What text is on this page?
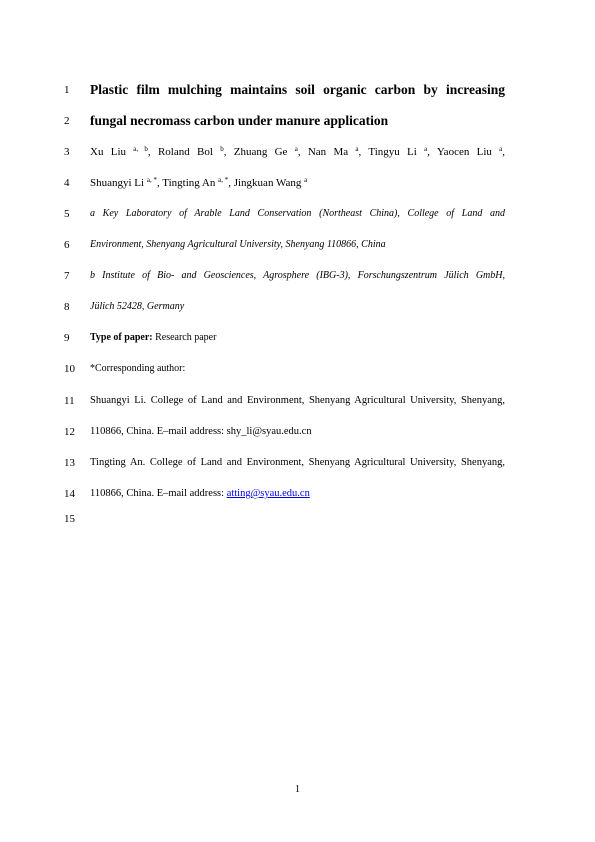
1
2
3
4
5
6
7
8
9
10
11
12
13
14
15
Plastic film mulching maintains soil organic carbon by increasing
fungal necromass carbon under manure application
Xu Liu $^{a, b}$, Roland Bol $^b$, Zhuang Ge $^a$, Nan Ma $^a$, Tingyu Li $^a$, Yaocen Liu $^a$,
Shuangyi Li $^{a, *}$, Tingting An $^{a, *}$, Jingkuan Wang $^a$
a Key Laboratory of Arable Land Conservation (Northeast China), College of Land and
Environment, Shenyang Agricultural University, Shenyang 110866, China
b Institute of Bio- and Geosciences, Agrosphere (IBG-3), Forschungszentrum Jülich GmbH,
Jülich 52428, Germany
Type of paper: Research paper
*Corresponding author:
Shuangyi Li. College of Land and Environment, Shenyang Agricultural University, Shenyang,
110866, China. E–mail address: shy_li@syau.edu.cn
Tingting An. College of Land and Environment, Shenyang Agricultural University, Shenyang,
110866, China. E–mail address: atting@syau.edu.cn
1
